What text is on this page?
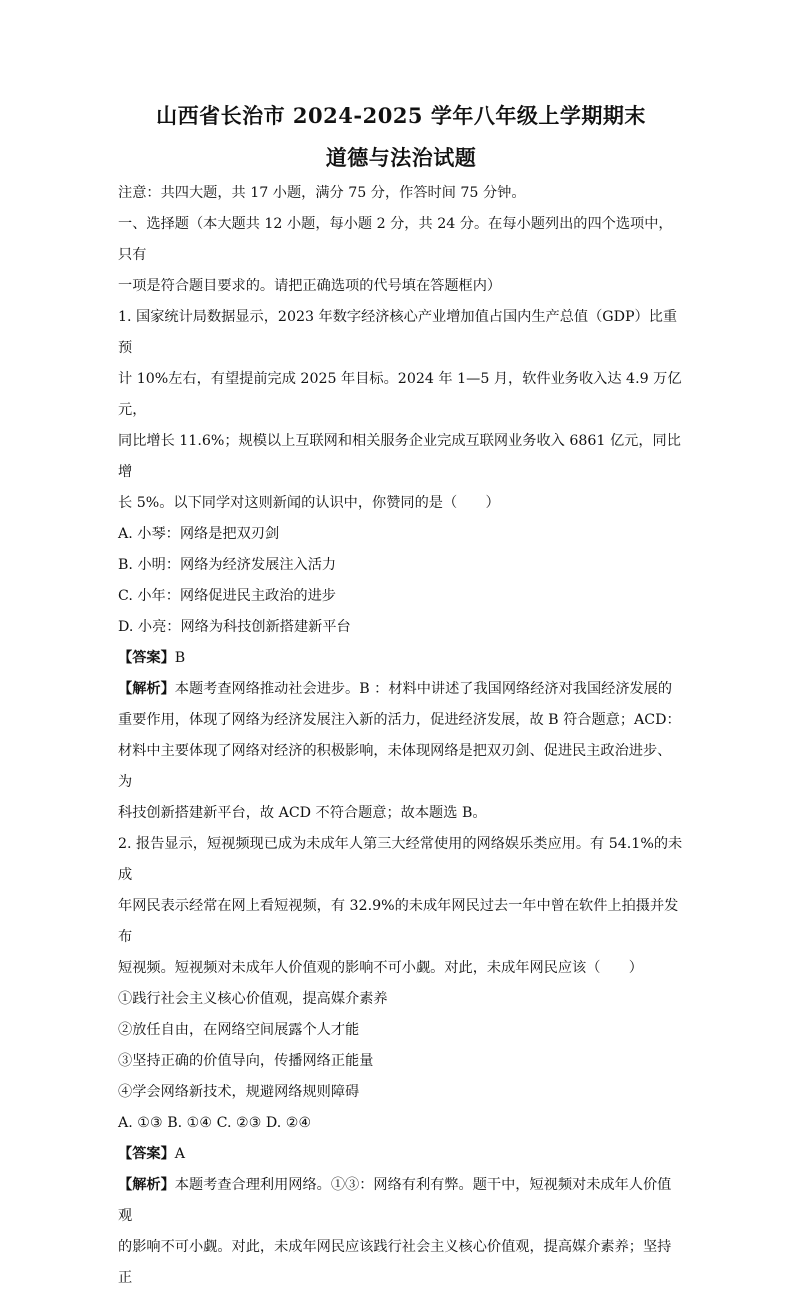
山西省长治市 2024-2025 学年八年级上学期期末
道德与法治试题

注意：共四大题，共 17 小题，满分 75 分，作答时间 75 分钟。

一、选择题（本大题共 12 小题，每小题 2 分，共 24 分。在每小题列出的四个选项中，只有

一项是符合题目要求的。请把正确选项的代号填在答题框内）

1. 国家统计局数据显示，2023 年数字经济核心产业增加值占国内生产总值（GDP）比重预

计 10%左右，有望提前完成 2025 年目标。2024 年 1—5 月，软件业务收入达 4.9 万亿元，

同比增长 11.6%；规模以上互联网和相关服务企业完成互联网业务收入 6861 亿元，同比增

长 5%。以下同学对这则新闻的认识中，你赞同的是（　　）

A. 小琴：网络是把双刃剑

B. 小明：网络为经济发展注入活力

C. 小年：网络促进民主政治的进步

D. 小亮：网络为科技创新搭建新平台

【答案】B

【解析】本题考查网络推动社会进步。B ：材料中讲述了我国网络经济对我国经济发展的

重要作用，体现了网络为经济发展注入新的活力，促进经济发展，故 B 符合题意；ACD：

材料中主要体现了网络对经济的积极影响，未体现网络是把双刃剑、促进民主政治进步、为

科技创新搭建新平台，故 ACD 不符合题意；故本题选 B。

2. 报告显示，短视频现已成为未成年人第三大经常使用的网络娱乐类应用。有 54.1%的未成

年网民表示经常在网上看短视频，有 32.9%的未成年网民过去一年中曾在软件上拍摄并发布

短视频。短视频对未成年人价值观的影响不可小觑。对此，未成年网民应该（　　）

①践行社会主义核心价值观，提高媒介素养

②放任自由，在网络空间展露个人才能

③坚持正确的价值导向，传播网络正能量

④学会网络新技术，规避网络规则障碍

A. ①③ B. ①④ C. ②③ D. ②④

【答案】A

【解析】本题考查合理利用网络。①③：网络有利有弊。题干中，短视频对未成年人价值观

的影响不可小觑。对此，未成年网民应该践行社会主义核心价值观，提高媒介素养；坚持正
